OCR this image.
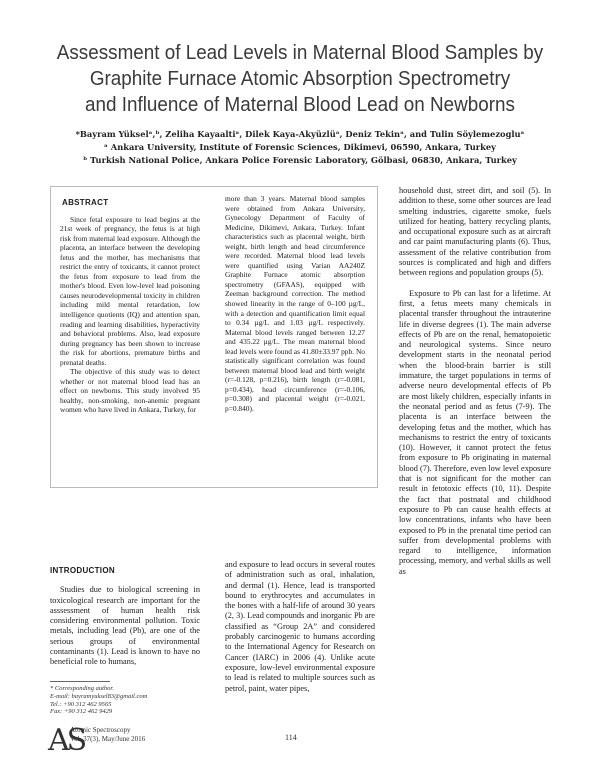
Assessment of Lead Levels in Maternal Blood Samples by
Graphite Furnace Atomic Absorption Spectrometry
and Influence of Maternal Blood Lead on Newborns
*Bayram Yükselᵃ,ᵇ, Zeliha Kayaaltiᵃ, Dilek Kaya-Akyüzlüᵃ, Deniz Tekinᵃ, and Tulin Söylemezogluᵃ
ᵃ Ankara University, Institute of Forensic Sciences, Dikimevi, 06590, Ankara, Turkey
ᵇ Turkish National Police, Ankara Police Forensic Laboratory, Gölbasi, 06830, Ankara, Turkey
ABSTRACT

Since fetal exposure to lead begins at the 21st week of pregnancy, the fetus is at high risk from maternal lead exposure. Although the placenta, an interface between the developing fetus and the mother, has mechanisms that restrict the entry of toxicants, it cannot protect the fetus from exposure to lead from the mother's blood. Even low-level lead poisoning causes neurodevelopmental toxicity in children including mild mental retardation, low intelligence quotients (IQ) and attention span, reading and learning disabilities, hyperactivity and behavioral problems. Also, lead exposure during pregnancy has been shown to increase the risk for abortions, premature births and prenatal deaths.

The objective of this study was to detect whether or not maternal blood lead has an effect on newborns. This study involved 95 healthy, non-smoking, non-anemic pregnant women who have lived in Ankara, Turkey, for

more than 3 years. Maternal blood samples were obtained from Ankara University, Gynecology Department of Faculty of Medicine, Dikimevi, Ankara, Turkey. Infant characteristics such as placental weight, birth weight, birth length and head circumference were recorded. Maternal blood lead levels were quantified using Varian AA240Z Graphite Furnace atomic absorption spectrometry (GFAAS), equipped with Zeeman background correction. The method showed linearity in the range of 0–100 µg/L, with a detection and quantification limit equal to 0.34 µg/L and 1.03 µg/L respectively. Maternal blood levels ranged between 12.27 and 435.22 µg/L. The mean maternal blood lead levels were found as 41.80±33.97 ppb. No statistically significant correlation was found between maternal blood lead and birth weight (r=-0.128, p=0.216), birth length (r=-0.081, p=0.434), head circumference (r=-0.106, p=0.308) and placental weight (r=-0.021, p=0.840).

household dust, street dirt, and soil (5). In addition to these, some other sources are lead smelting industries, cigarette smoke, fuels utilized for heating, battery recycling plants, and occupational exposure such as at aircraft and car paint manufacturing plants (6). Thus, assessment of the relative contribution from sources is complicated and high and differs between regions and population groups (5).

Exposure to Pb can last for a lifetime. At first, a fetus meets many chemicals in placental transfer throughout the intrauterine life in diverse degrees (1). The main adverse effects of Pb are on the renal, hematopoietic and neurological systems. Since neuro development starts in the neonatal period when the blood-brain barrier is still immature, the target populations in terms of adverse neuro developmental effects of Pb are most likely children, especially infants in the neonatal period and as fetus (7-9). The placenta is an interface between the developing fetus and the mother, which has mechanisms to restrict the entry of toxicants (10). However, it cannot protect the fetus from exposure to Pb originating in maternal blood (7). Therefore, even low level exposure that is not significant for the mother can result in fetotoxic effects (10, 11). Despite the fact that postnatal and childhood exposure to Pb can cause health effects at low concentrations, infants who have been exposed to Pb in the prenatal time period can suffer from developmental problems with regard to intelligence, information processing, memory, and verbal skills as well as

INTRODUCTION

Studies due to biological screening in toxicological research are important for the asssessment of human health risk considering environmental pollution. Toxic metals, including lead (Pb), are one of the serious groups of environmental contaminants (1). Lead is known to have no beneficial role to humans,

and exposure to lead occurs in several routes of administration such as oral, inhalation, and dermal (1). Hence, lead is transported bound to erythrocytes and accumulates in the bones with a half-life of around 30 years (2, 3). Lead compounds and inorganic Pb are classified as “Group 2A” and considered probably carcinogenic to humans according to the International Agency for Research on Cancer (IARC) in 2006 (4). Unlike acute exposure, low-level environmental exposure to lead is related to multiple sources such as petrol, paint, water pipes,

* Corresponding author.
E-mail: bayramyuksel83@gmail.com
Tel.: +90 312 462 9565
Fax: +90 312 462 9429
AS
Atomic Spectroscopy
Vol. 37(3), May/June 2016	114
